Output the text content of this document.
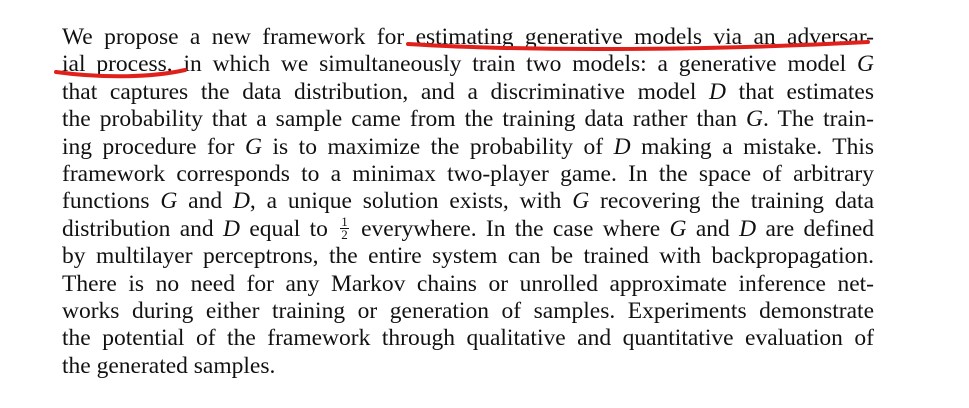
We propose a new framework for estimating generative models via an adversar-
ial process, in which we simultaneously train two models: a generative model G
that captures the data distribution, and a discriminative model D that estimates
the probability that a sample came from the training data rather than G. The train-
ing procedure for G is to maximize the probability of D making a mistake. This
framework corresponds to a minimax two-player game. In the space of arbitrary
functions G and D, a unique solution exists, with G recovering the training data
distribution and D equal to $\frac{1}{2}$ everywhere. In the case where G and D are defined
by multilayer perceptrons, the entire system can be trained with backpropagation.
There is no need for any Markov chains or unrolled approximate inference net-
works during either training or generation of samples. Experiments demonstrate
the potential of the framework through qualitative and quantitative evaluation of
the generated samples.
